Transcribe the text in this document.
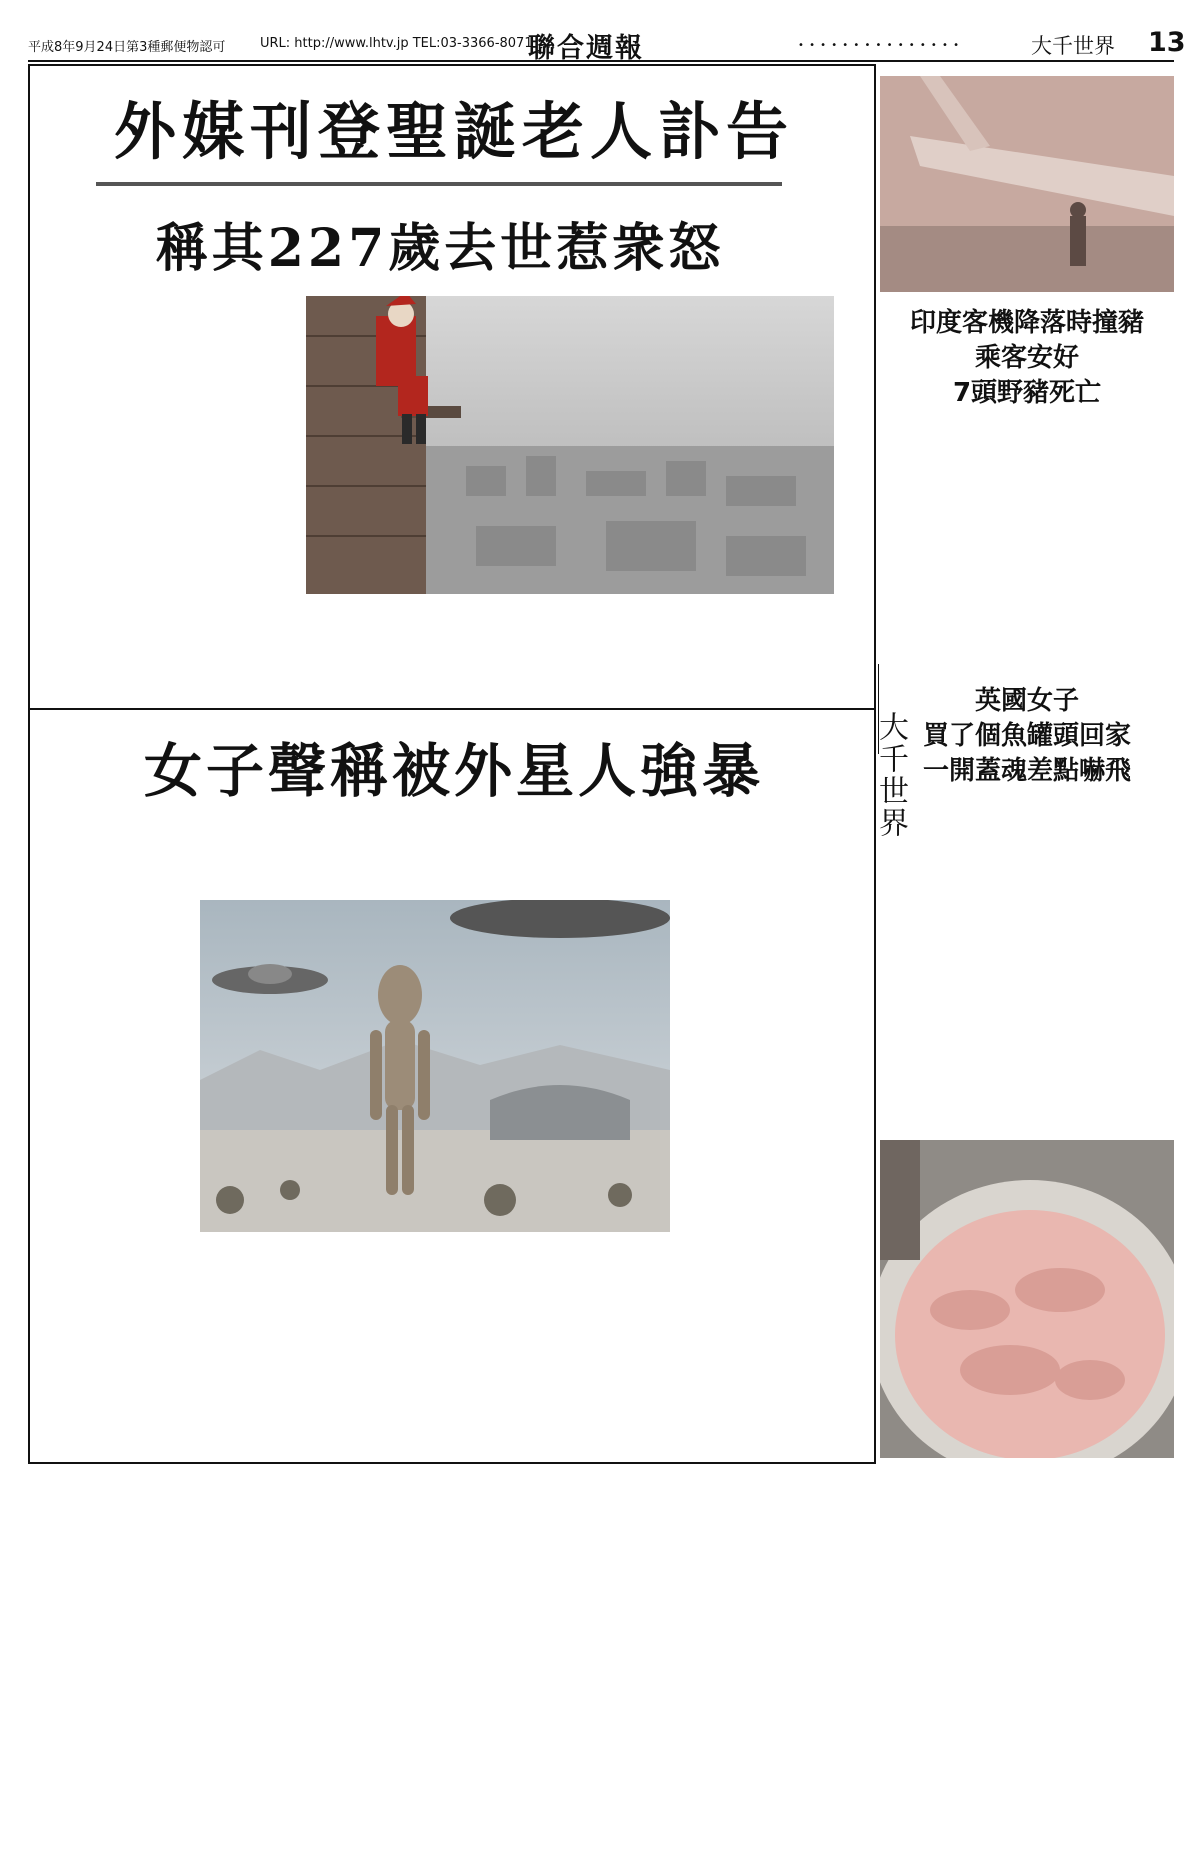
平成8年9月24日第3種郵便物認可	URL: http://www.lhtv.jp TEL:03-3366-8071
聯合週報	• • • • • • • • • • • • • • •	大千世界 13
外媒刊登聖誕老人訃告
稱其227歲去世惹衆怒
女子聲稱被外星人強暴	大千世界
印度客機降落時撞豬
乘客安好
7頭野豬死亡
英國女子
買了個魚罐頭回家
一開蓋魂差點嚇飛
